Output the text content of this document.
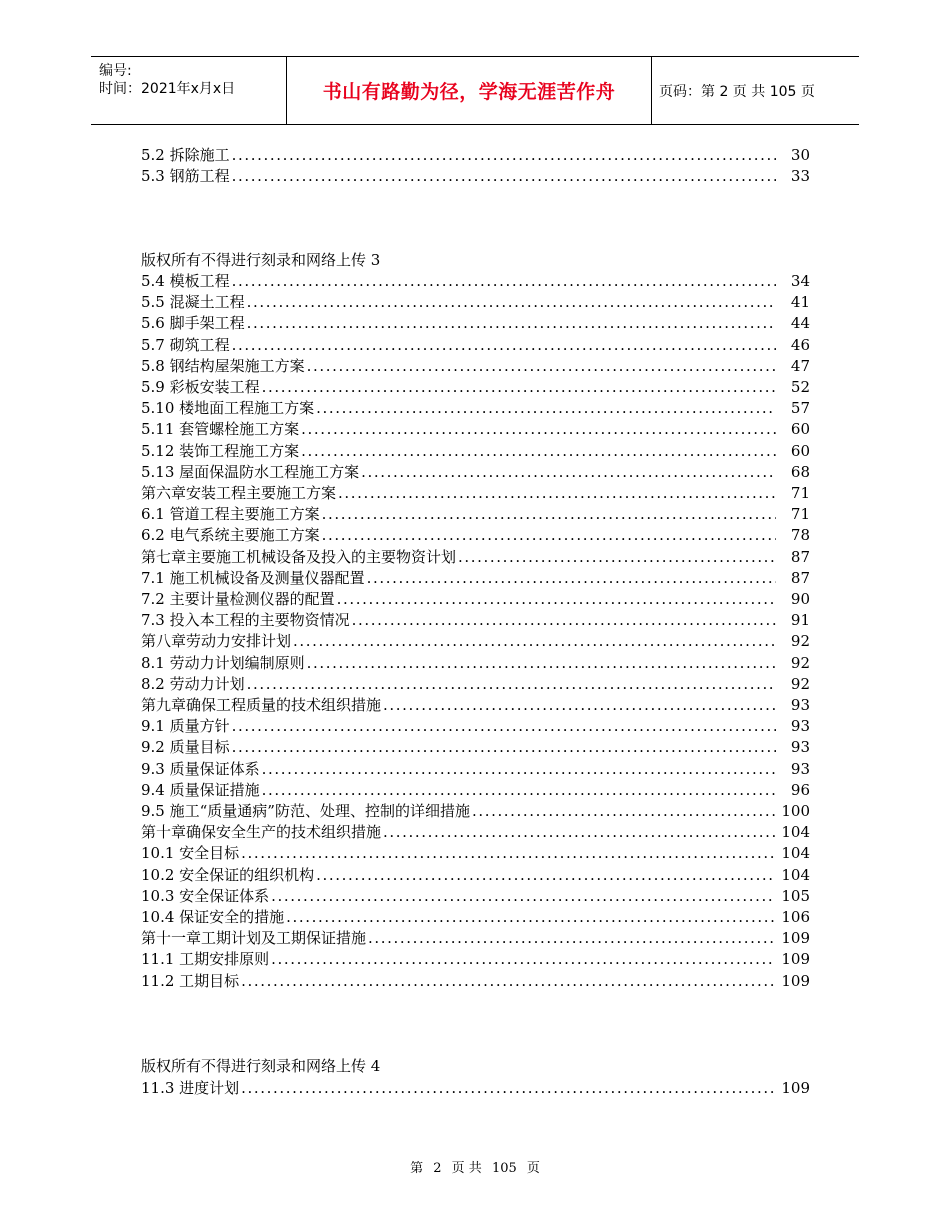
编号:
时间：2021年x月x日	书山有路勤为径，学海无涯苦作舟	页码：第 2 页 共 105 页
5.2 拆除施工 .....	30
5.3 钢筋工程 .....	33
版权所有不得进行刻录和网络上传 3
5.4 模板工程 .....	34
5.5 混凝土工程 .....	41
5.6 脚手架工程 .....	44
5.7 砌筑工程 .....	46
5.8 钢结构屋架施工方案 .....	47
5.9 彩板安装工程 .....	52
5.10 楼地面工程施工方案 .....	57
5.11 套管螺栓施工方案 .....	60
5.12 装饰工程施工方案 .....	60
5.13 屋面保温防水工程施工方案 .....	68
第六章安装工程主要施工方案 .....	71
6.1 管道工程主要施工方案 .....	71
6.2 电气系统主要施工方案 .....	78
第七章主要施工机械设备及投入的主要物资计划 .....	87
7.1 施工机械设备及测量仪器配置 .....	87
7.2 主要计量检测仪器的配置 .....	90
7.3 投入本工程的主要物资情况 .....	91
第八章劳动力安排计划 .....	92
8.1 劳动力计划编制原则 .....	92
8.2 劳动力计划 .....	92
第九章确保工程质量的技术组织措施 .....	93
9.1 质量方针 .....	93
9.2 质量目标 .....	93
9.3 质量保证体系 .....	93
9.4 质量保证措施 .....	96
9.5 施工“质量通病”防范、处理、控制的详细措施 .....	100
第十章确保安全生产的技术组织措施 .....	104
10.1 安全目标 .....	104
10.2 安全保证的组织机构 .....	104
10.3 安全保证体系 .....	105
10.4 保证安全的措施 .....	106
第十一章工期计划及工期保证措施 .....	109
11.1 工期安排原则 .....	109
11.2 工期目标 .....	109
版权所有不得进行刻录和网络上传 4
11.3 进度计划 .....	109
第 2 页 共 105 页
